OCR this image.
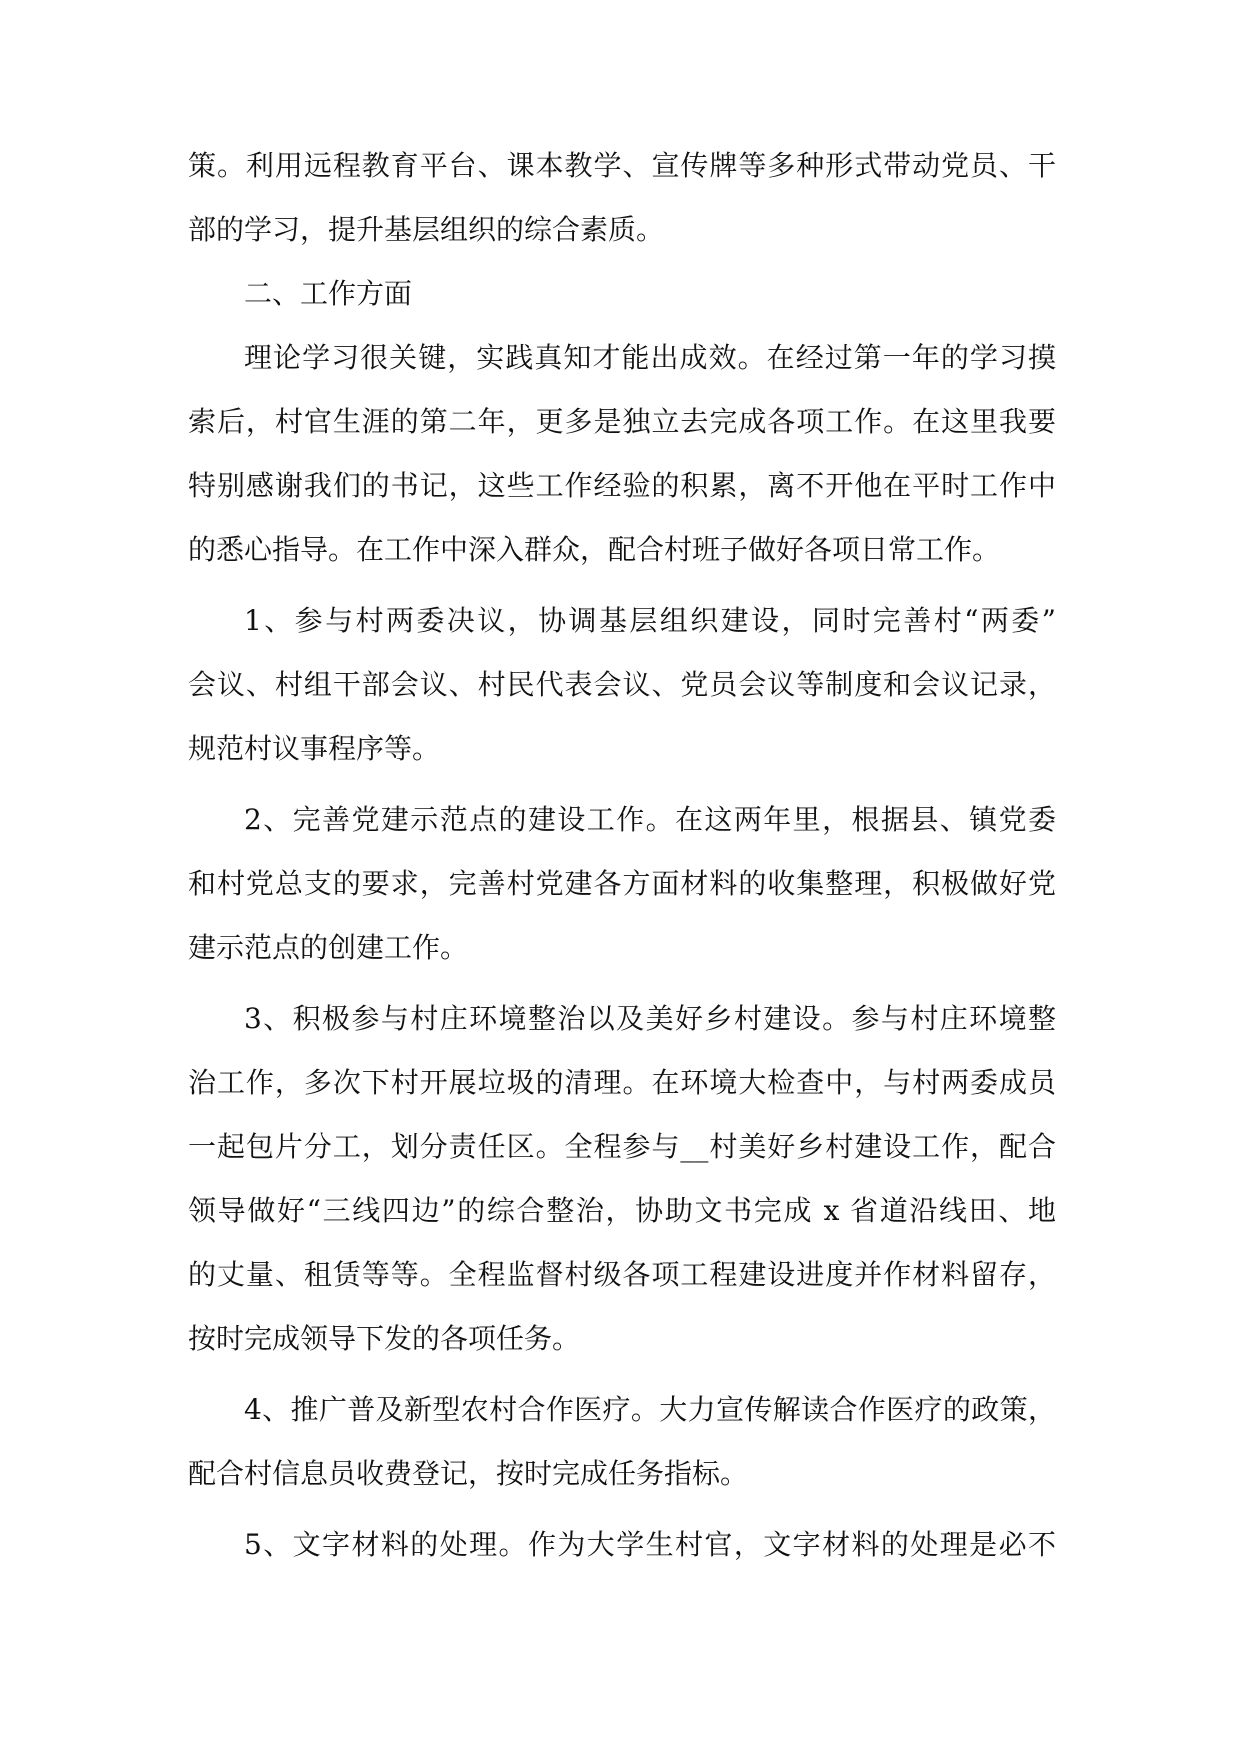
策。利用远程教育平台、课本教学、宣传牌等多种形式带动党员、干
部的学习，提升基层组织的综合素质。
二、工作方面
理论学习很关键，实践真知才能出成效。在经过第一年的学习摸
索后，村官生涯的第二年，更多是独立去完成各项工作。在这里我要
特别感谢我们的书记，这些工作经验的积累，离不开他在平时工作中
的悉心指导。在工作中深入群众，配合村班子做好各项日常工作。
1、参与村两委决议，协调基层组织建设，同时完善村“两委”
会议、村组干部会议、村民代表会议、党员会议等制度和会议记录，
规范村议事程序等。
2、完善党建示范点的建设工作。在这两年里，根据县、镇党委
和村党总支的要求，完善村党建各方面材料的收集整理，积极做好党
建示范点的创建工作。
3、积极参与村庄环境整治以及美好乡村建设。参与村庄环境整
治工作，多次下村开展垃圾的清理。在环境大检查中，与村两委成员
一起包片分工，划分责任区。全程参与__村美好乡村建设工作，配合
领导做好“三线四边”的综合整治，协助文书完成 x 省道沿线田、地
的丈量、租赁等等。全程监督村级各项工程建设进度并作材料留存，
按时完成领导下发的各项任务。
4、推广普及新型农村合作医疗。大力宣传解读合作医疗的政策，
配合村信息员收费登记，按时完成任务指标。
5、文字材料的处理。作为大学生村官，文字材料的处理是必不
